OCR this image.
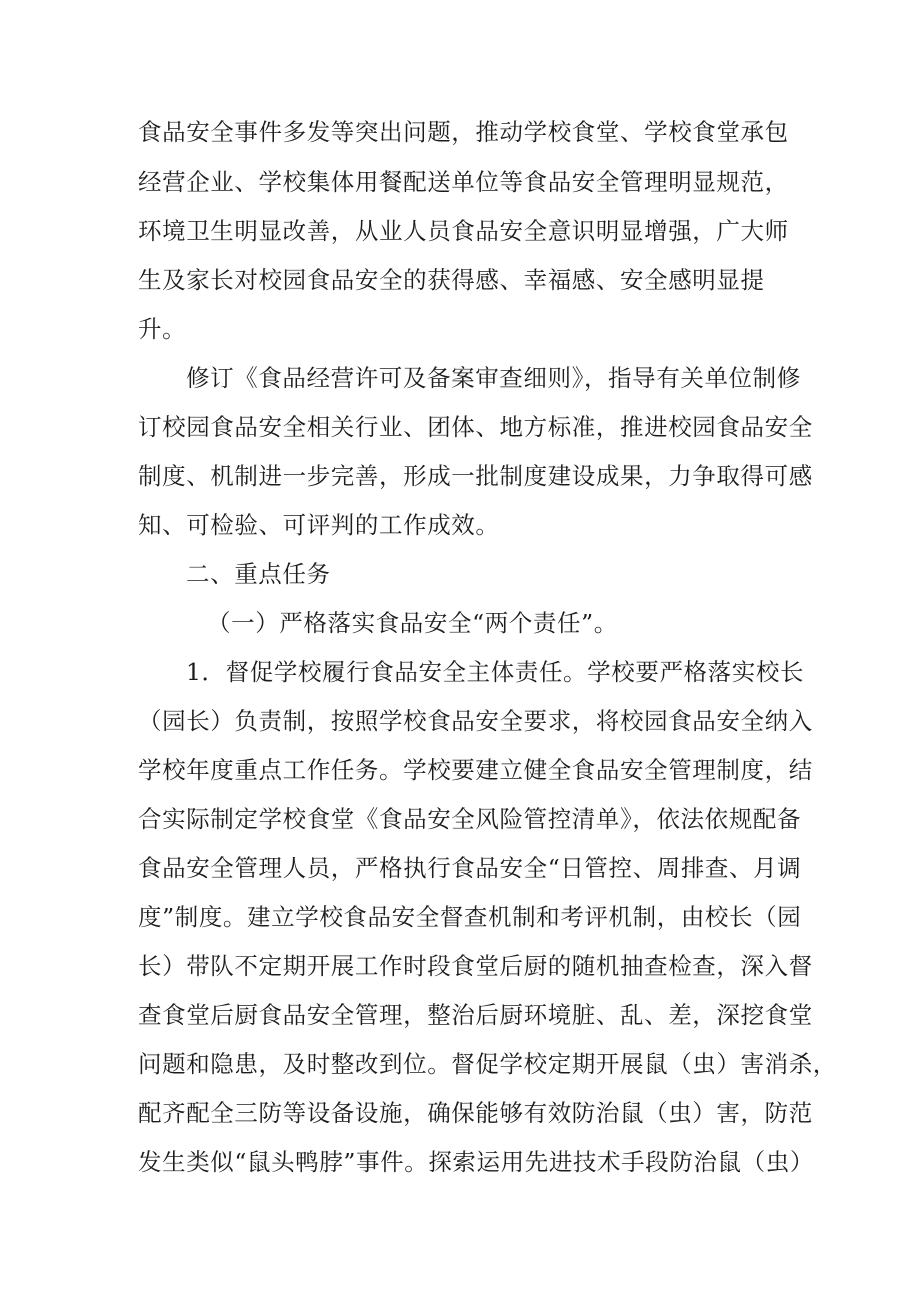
食品安全事件多发等突出问题，推动学校食堂、学校食堂承包
经营企业、学校集体用餐配送单位等食品安全管理明显规范，
环境卫生明显改善，从业人员食品安全意识明显增强，广大师
生及家长对校园食品安全的获得感、幸福感、安全感明显提
升。
修订《食品经营许可及备案审查细则》，指导有关单位制修
订校园食品安全相关行业、团体、地方标准，推进校园食品安全
制度、机制进一步完善，形成一批制度建设成果，力争取得可感
知、可检验、可评判的工作成效。
二、重点任务
（一）严格落实食品安全“两个责任”。
1．督促学校履行食品安全主体责任。学校要严格落实校长
（园长）负责制，按照学校食品安全要求，将校园食品安全纳入
学校年度重点工作任务。学校要建立健全食品安全管理制度，结
合实际制定学校食堂《食品安全风险管控清单》，依法依规配备
食品安全管理人员，严格执行食品安全“日管控、周排查、月调
度”制度。建立学校食品安全督查机制和考评机制，由校长（园
长）带队不定期开展工作时段食堂后厨的随机抽查检查，深入督
查食堂后厨食品安全管理，整治后厨环境脏、乱、差，深挖食堂
问题和隐患，及时整改到位。督促学校定期开展鼠（虫）害消杀，
配齐配全三防等设备设施，确保能够有效防治鼠（虫）害，防范
发生类似“鼠头鸭脖”事件。探索运用先进技术手段防治鼠（虫）
